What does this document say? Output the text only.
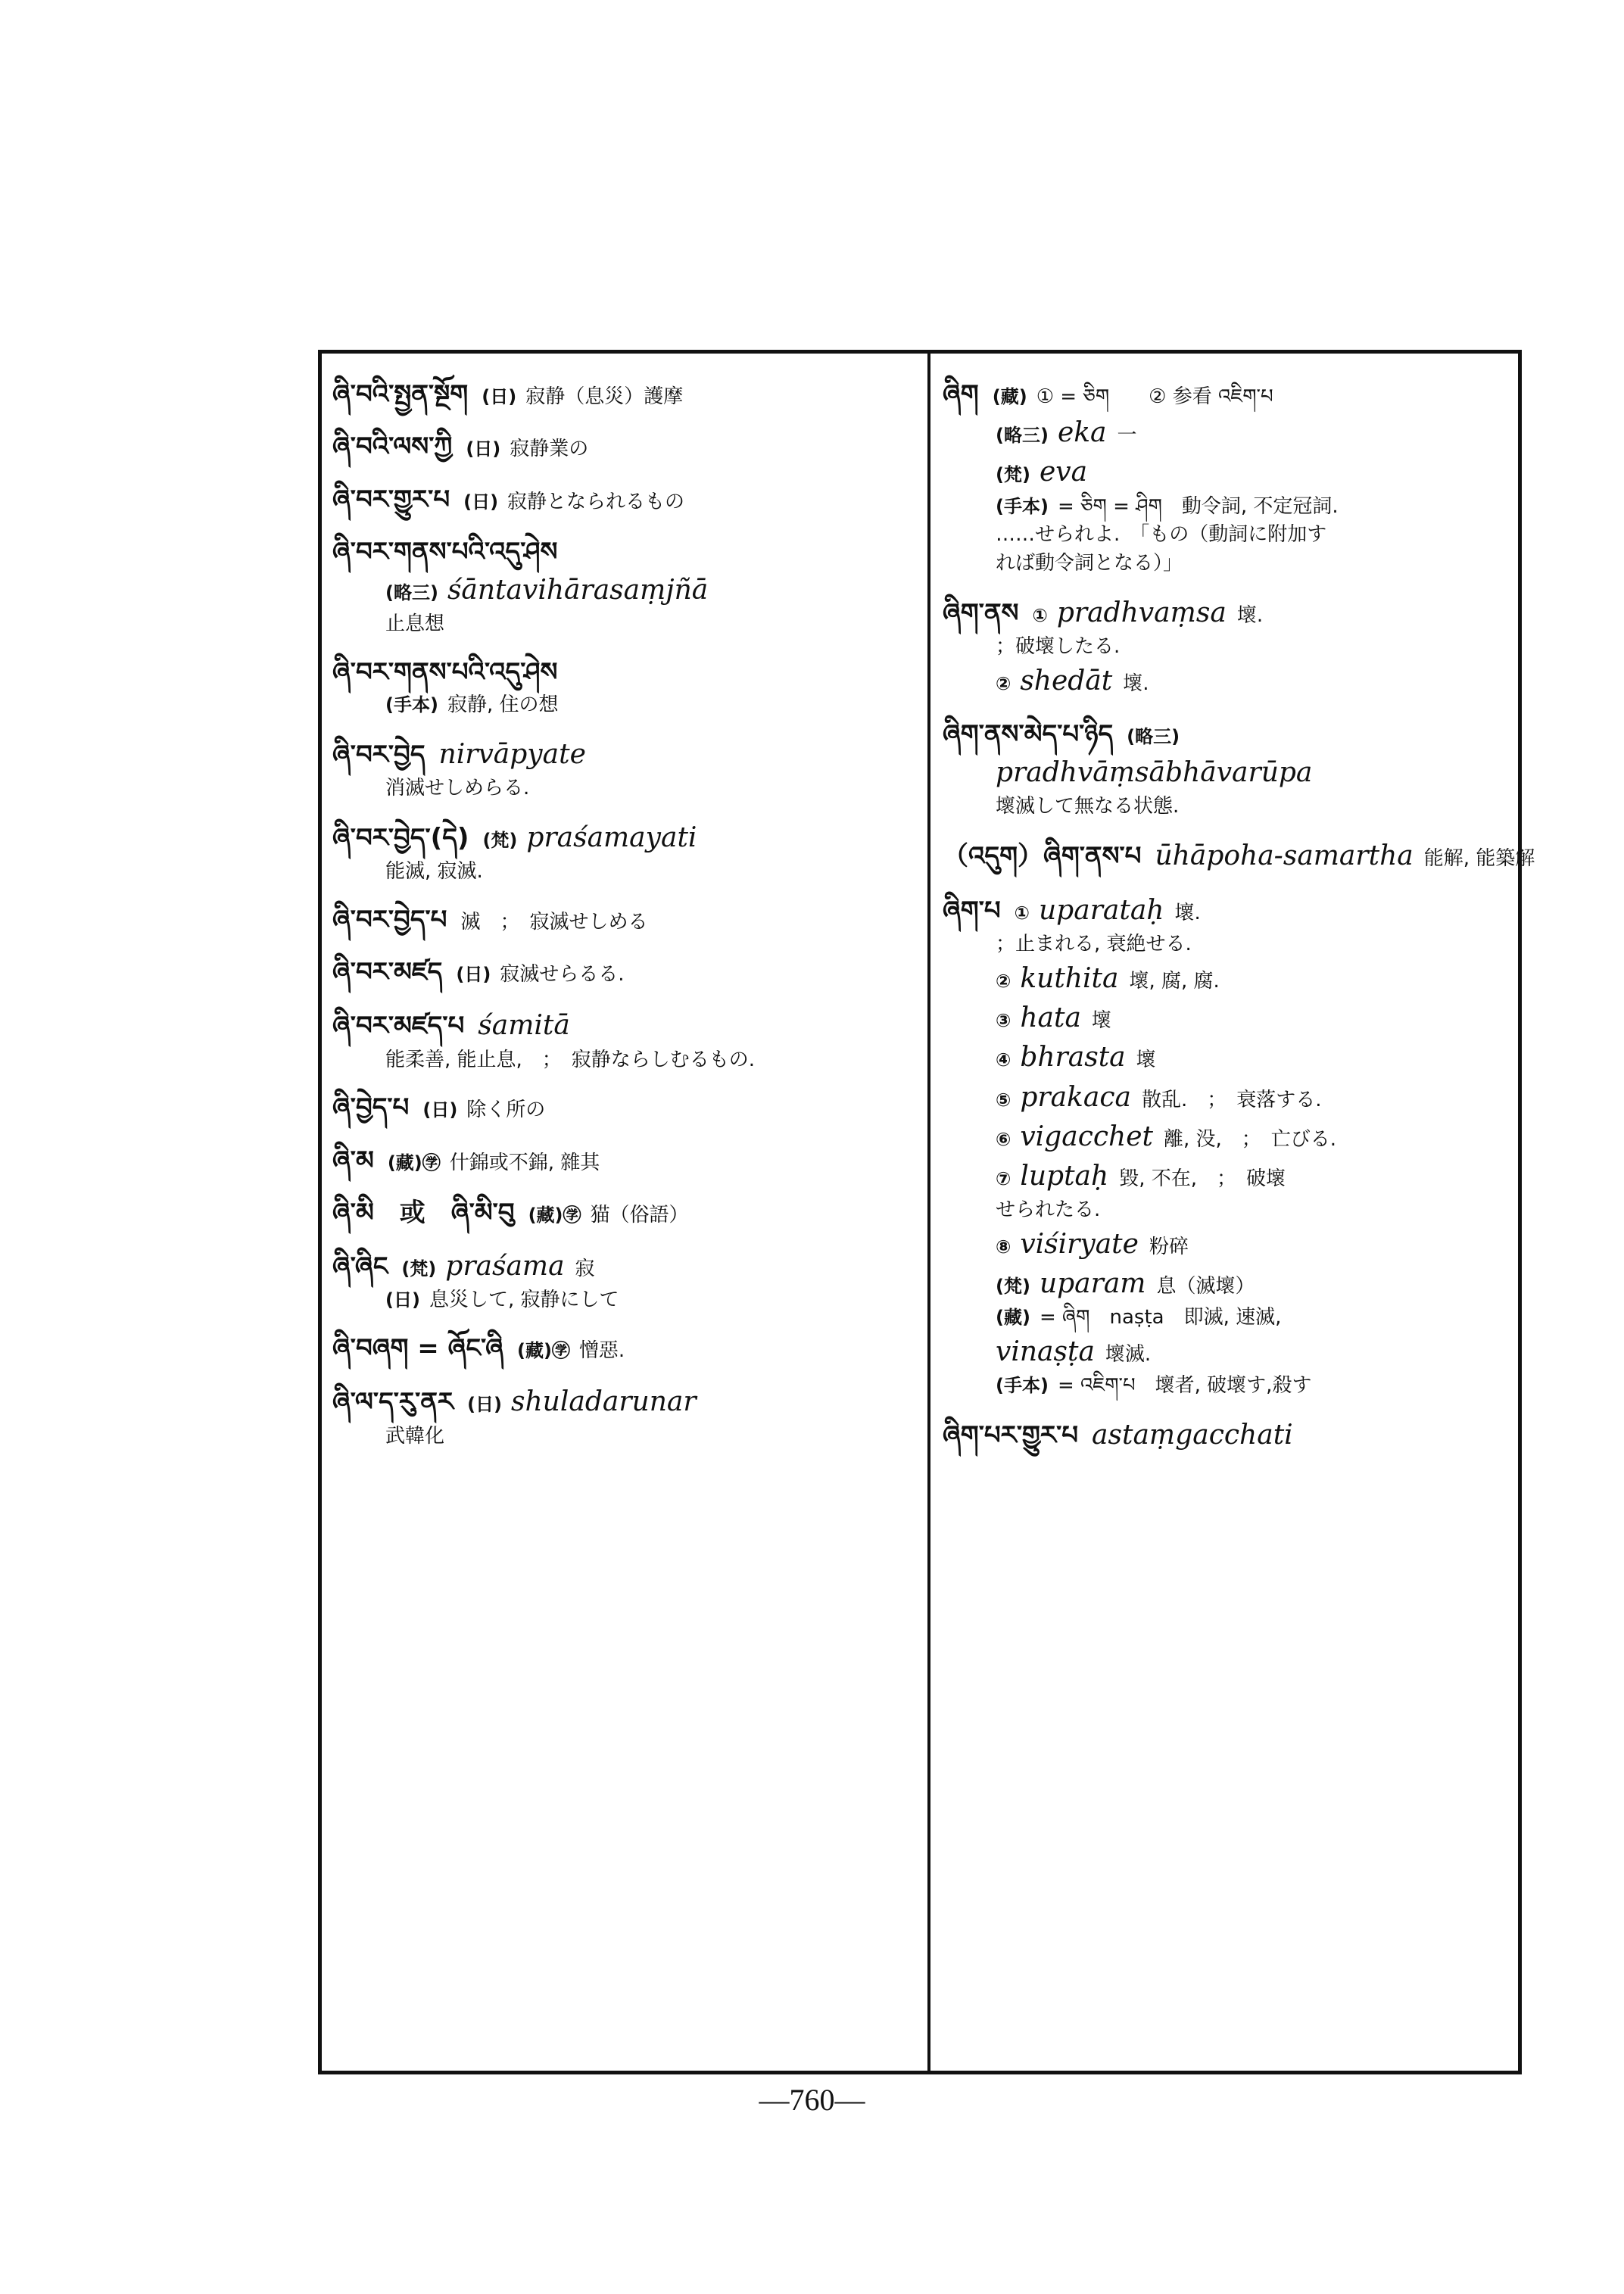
ཞི་བའི་སྤྱན་སྔོག (日) 寂静（息災）護摩
ཞི་བའི་ལས་ཀྱི (日) 寂静業の
ཞི་བར་གྱུར་པ (日) 寂静となられるもの
ཞི་བར་གནས་པའི་འདུ་ཤེས
(略三) śāntavihārasaṃjñā
止息想
ཞི་བར་གནས་པའི་འདུ་ཤེས
(手本) 寂静, 住の想
ཞི་བར་བྱེད nirvāpyate
消滅せしめらる.
ཞི་བར་བྱེད་(དེ) (梵) praśamayati
能滅, 寂滅.
ཞི་བར་བྱེད་པ 滅　；　寂滅せしめる
ཞི་བར་མཛད (日) 寂滅せらるる.
ཞི་བར་མཛད་པ śamitā
能柔善, 能止息,　；　寂静ならしむるもの.
ཞི་བྱེད་པ (日) 除く所の
ཞི་མ (藏)㊫ 什錦或不錦, 雜其
ཞི་མི　或　ཞི་མི་བུ (藏)㊫ 猫（俗語）
ཞི་ཞིང (梵) praśama 寂
(日) 息災して, 寂静にして
ཞི་བཞག = ཞོང་ཞི (藏)㊫ 憎惡.
ཞི་ལ་ད་རུ་ནར (日) shuladarunar
武韓化
ཞིག (藏) ① = ཅིག　　② 参看 འཇིག་པ
(略三) eka 一
(梵) eva
(手本) = ཅིག = ཤིག　動令詞, 不定冠詞.
……せられよ.　「もの（動詞に附加す
れば動令詞となる）」
ཞིག་ནས ① pradhvaṃsa 壞.
；破壞したる.
② shedāt 壞.
ཞིག་ནས་མེད་པ་ཉིད (略三)
pradhvāṃsābhāvarūpa
壞滅して無なる状態.
（འདུག）ཞིག་ནས་པ ūhāpoha-samartha 能解, 能築解
ཞིག་པ ① uparataḥ 壞.
；止まれる, 衰絶せる.
② kuthita 壞, 腐, 腐.
③ hata 壞
④ bhrasta 壞
⑤ prakaca 散乱.　；　衰落する.
⑥ vigacchet 離, 没,　；　亡びる.
⑦ luptaḥ 毀, 不在,　；　破壞
せられたる.
⑧ viśiryate 粉碎
(梵) uparam 息（滅壞）
(藏) = ཞིག　naṣṭa　即滅, 速滅,
vinaṣṭa 壞滅.
(手本) = འཇིག་པ　壞者, 破壞す,殺す
ཞིག་པར་གྱུར་པ astaṃgacchati
—760—
